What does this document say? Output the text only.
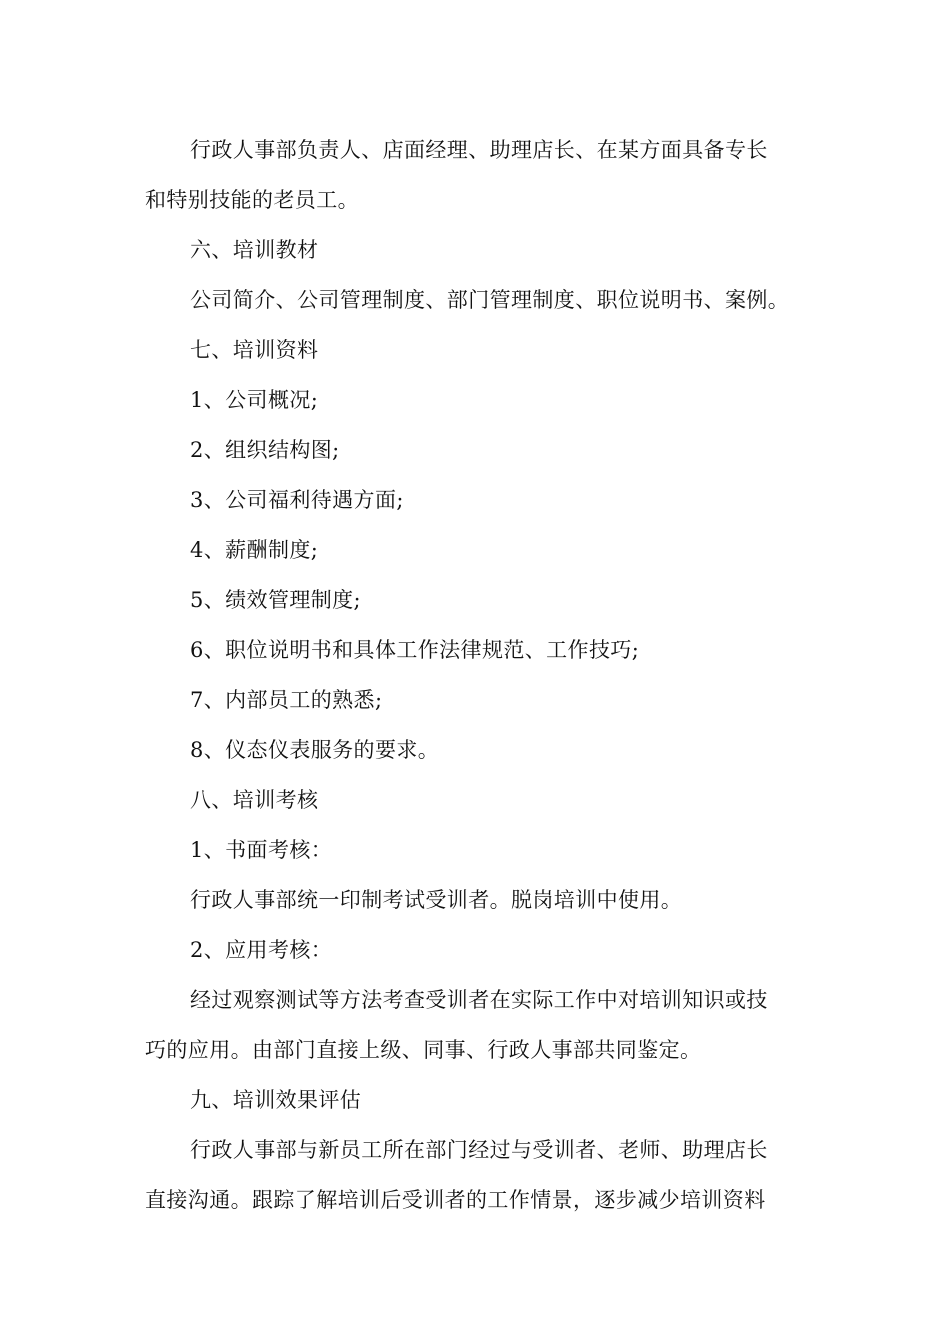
行政人事部负责人、店面经理、助理店长、在某方面具备专长
和特别技能的老员工。
六、培训教材
公司简介、公司管理制度、部门管理制度、职位说明书、案例。
七、培训资料
1、公司概况;
2、组织结构图;
3、公司福利待遇方面;
4、薪酬制度;
5、绩效管理制度;
6、职位说明书和具体工作法律规范、工作技巧;
7、内部员工的熟悉;
8、仪态仪表服务的要求。
八、培训考核
1、书面考核：
行政人事部统一印制考试受训者。脱岗培训中使用。
2、应用考核：
经过观察测试等方法考查受训者在实际工作中对培训知识或技
巧的应用。由部门直接上级、同事、行政人事部共同鉴定。
九、培训效果评估
行政人事部与新员工所在部门经过与受训者、老师、助理店长
直接沟通。跟踪了解培训后受训者的工作情景，逐步减少培训资料
